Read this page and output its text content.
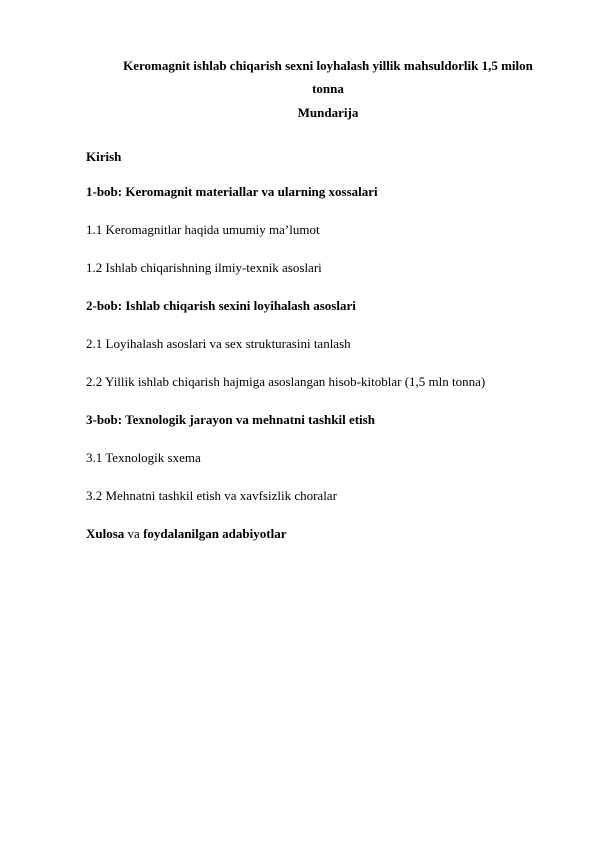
Keromagnit ishlab chiqarish sexni loyhalash yillik mahsuldorlik 1,5 milon
tonna
Mundarija
Kirish
1-bob: Keromagnit materiallar va ularning xossalari
1.1 Keromagnitlar haqida umumiy ma’lumot
1.2 Ishlab chiqarishning ilmiy-texnik asoslari
2-bob: Ishlab chiqarish sexini loyihalash asoslari
2.1 Loyihalash asoslari va sex strukturasini tanlash
2.2 Yillik ishlab chiqarish hajmiga asoslangan hisob-kitoblar (1,5 mln tonna)
3-bob: Texnologik jarayon va mehnatni tashkil etish
3.1 Texnologik sxema
3.2 Mehnatni tashkil etish va xavfsizlik choralar
Xulosa va foydalanilgan adabiyotlar
